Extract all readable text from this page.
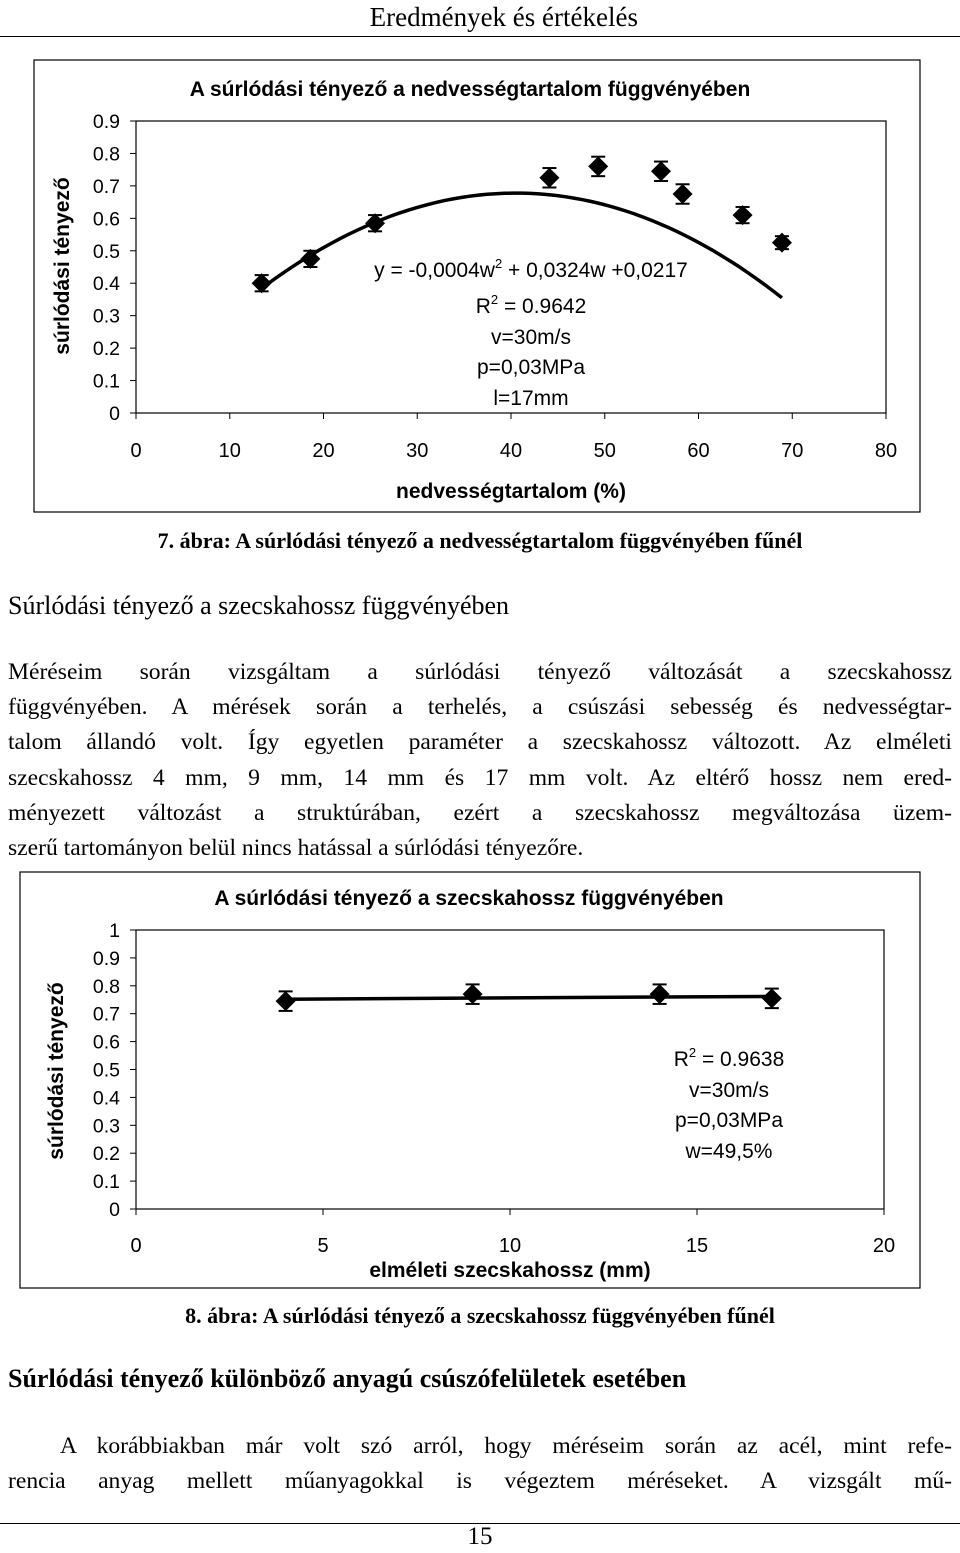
Eredmények és értékelés
A súrlódási tényező a nedvességtartalom függvényében
0
0.1
0.2
0.3
0.4
0.5
0.6
0.7
0.8
0.9
0	10	20	30	40	50	60	70	80
nedvességtartalom (%)
súrlódási tényező	$y = -0,0004w^2 + 0,0324w +0,0217$
$R^2 = 0.9642$
v=30m/s
p=0,03MPa
l=17mm
7. ábra: A súrlódási tényező a nedvességtartalom függvényében fűnél
Súrlódási tényező a szecskahossz függvényében
Méréseim során vizsgáltam a súrlódási tényező változását a szecskahossz
függvényében. A mérések során a terhelés, a csúszási sebesség és nedvességtar-
talom állandó volt. Így egyetlen paraméter a szecskahossz változott. Az elméleti
szecskahossz 4 mm, 9 mm, 14 mm és 17 mm volt. Az eltérő hossz nem ered-
ményezett változást a struktúrában, ezért a szecskahossz megváltozása üzem-
szerű tartományon belül nincs hatással a súrlódási tényezőre.
A súrlódási tényező a szecskahossz függvényében
0
0.1
0.2
0.3
0.4
0.5
0.6
0.7
0.8
0.9
1
0	5	10	15	20
elméleti szecskahossz (mm)
súrlódási tényező	$R^2 = 0.9638$
v=30m/s
p=0,03MPa
w=49,5%
8. ábra: A súrlódási tényező a szecskahossz függvényében fűnél
Súrlódási tényező különböző anyagú csúszófelületek esetében
A korábbiakban már volt szó arról, hogy méréseim során az acél, mint refe-
rencia anyag mellett műanyagokkal is végeztem méréseket. A vizsgált mű-
15
